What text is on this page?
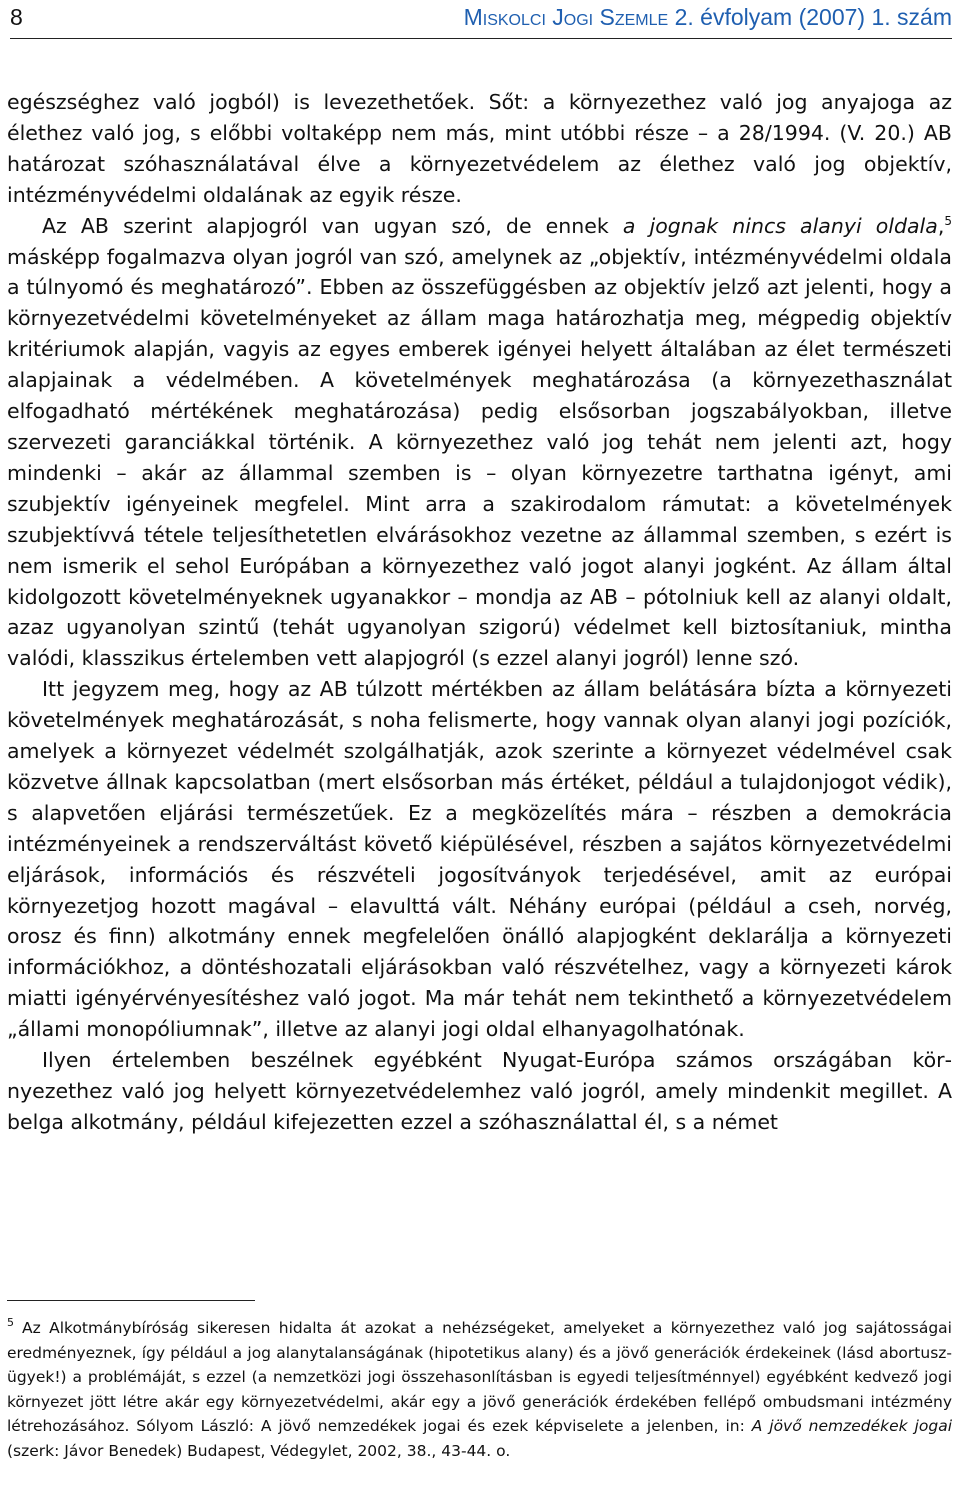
8	Miskolci Jogi Szemle 2. évfolyam (2007) 1. szám

egészséghez való jogból) is levezethetőek. Sőt: a környezethez való jog anyajoga az élethez való jog, s előbbi voltaképp nem más, mint utóbbi része – a 28/1994. (V. 20.) AB határozat szóhasználatával élve a környezetvédelem az élethez való jog objektív, intézményvédelmi oldalának az egyik része.

Az AB szerint alapjogról van ugyan szó, de ennek a jognak nincs alanyi oldala,$^5$ másképp fogalmazva olyan jogról van szó, amelynek az „objektív, intézményvédelmi oldala a túlnyomó és meghatározó”. Ebben az összefüggésben az objektív jelző azt jelenti, hogy a környezetvédelmi követelményeket az állam maga határozhatja meg, mégpedig objektív kritériumok alapján, vagyis az egyes emberek igényei helyett általában az élet természeti alapjainak a védelmében. A követelmények meghatározása (a környezethasználat elfogadható mértékének meghatározása) pedig elsősorban jogszabályokban, illetve szervezeti garanciákkal történik. A környezethez való jog tehát nem jelenti azt, hogy mindenki – akár az állammal szemben is – olyan környezetre tarthatna igényt, ami szubjektív igényeinek megfelel. Mint arra a szakirodalom rámutat: a követelmények szubjektívvá tétele teljesíthetetlen elvárásokhoz vezetne az állammal szemben, s ezért is nem ismerik el sehol Európában a környezethez való jogot alanyi jogként. Az állam által kidolgozott követelményeknek ugyanakkor – mondja az AB – pótolniuk kell az alanyi oldalt, azaz ugyanolyan szintű (tehát ugyanolyan szigorú) védelmet kell biztosítaniuk, mintha valódi, klasszikus értelemben vett alapjogról (s ezzel alanyi jogról) lenne szó.

Itt jegyzem meg, hogy az AB túlzott mértékben az állam belátására bízta a környezeti követelmények meghatározását, s noha felismerte, hogy vannak olyan alanyi jogi pozíciók, amelyek a környezet védelmét szolgálhatják, azok szerinte a környezet védelmével csak közvetve állnak kapcsolatban (mert elsősorban más értéket, például a tulajdonjogot védik), s alapvetően eljárási természetűek. Ez a megközelítés mára – részben a demokrácia intézményeinek a rendszerváltást követő kiépülésével, részben a sajátos környezetvédelmi eljárások, információs és részvételi jogosítványok terjedésével, amit az európai környezetjog hozott magával – elavulttá vált. Néhány európai (például a cseh, norvég, orosz és finn) alkotmány ennek megfelelően önálló alapjogként deklarálja a környezeti információkhoz, a döntéshozatali eljárásokban való részvételhez, vagy a környezeti károk miatti igényérvényesítéshez való jogot. Ma már tehát nem tekinthető a környezetvédelem „állami monopóliumnak”, illetve az alanyi jogi oldal elhanyagolhatónak.

Ilyen értelemben beszélnek egyébként Nyugat-Európa számos országában környezethez való jog helyett környezetvédelemhez való jogról, amely mindenkit megillet. A belga alkotmány, például kifejezetten ezzel a szóhasználattal él, s a német

$^5$ Az Alkotmánybíróság sikeresen hidalta át azokat a nehézségeket, amelyeket a környezethez való jog sajátosságai eredményeznek, így például a jog alanytalanságának (hipotetikus alany) és a jövő generációk érdekeinek (lásd abortusz-ügyek!) a problémáját, s ezzel (a nemzetközi jogi összehasonlításban is egyedi teljesítménnyel) egyébként kedvező jogi környezet jött létre akár egy környezetvédelmi, akár egy a jövő generációk érdekében fellépő ombudsmani intézmény létrehozásához. Sólyom László: A jövő nemzedékek jogai és ezek képviselete a jelenben, in: A jövő nemzedékek jogai (szerk: Jávor Benedek) Budapest, Védegylet, 2002, 38., 43-44. o.
